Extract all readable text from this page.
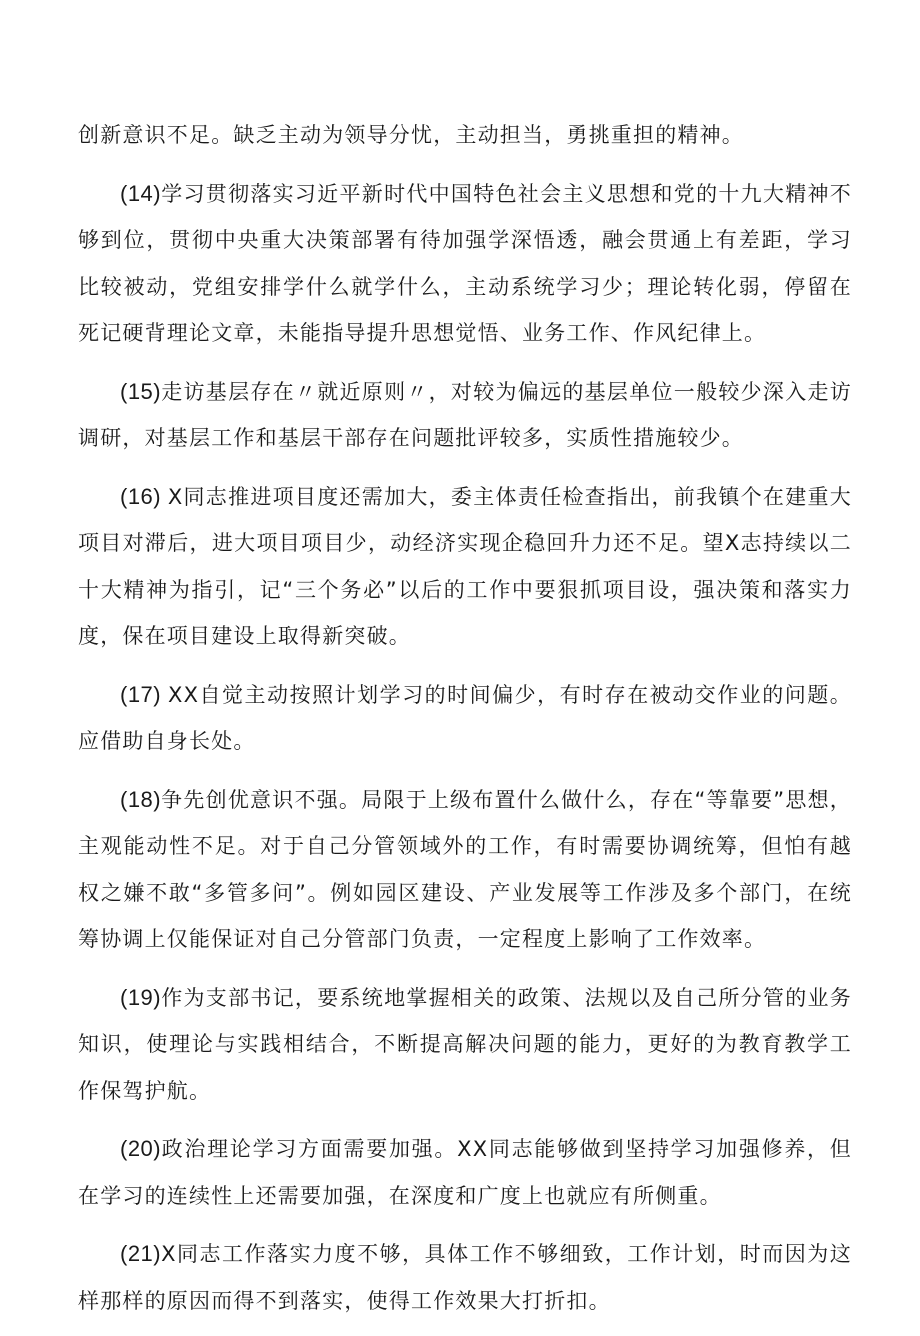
创新意识不足。缺乏主动为领导分忧，主动担当，勇挑重担的精神。

(14)学习贯彻落实习近平新时代中国特色社会主义思想和党的十九大精神不够到位，贯彻中央重大决策部署有待加强学深悟透，融会贯通上有差距，学习比较被动，党组安排学什么就学什么，主动系统学习少；理论转化弱，停留在死记硬背理论文章，未能指导提升思想觉悟、业务工作、作风纪律上。

(15)走访基层存在〃就近原则〃，对较为偏远的基层单位一般较少深入走访调研，对基层工作和基层干部存在问题批评较多，实质性措施较少。

(16) X同志推进项目度还需加大，委主体责任检查指出，前我镇个在建重大项目对滞后，进大项目项目少，动经济实现企稳回升力还不足。望X志持续以二十大精神为指引，记“三个务必”以后的工作中要狠抓项目设，强决策和落实力度，保在项目建设上取得新突破。

(17) XX自觉主动按照计划学习的时间偏少，有时存在被动交作业的问题。应借助自身长处。

(18)争先创优意识不强。局限于上级布置什么做什么，存在“等靠要”思想，主观能动性不足。对于自己分管领域外的工作，有时需要协调统筹，但怕有越权之嫌不敢“多管多问”。例如园区建设、产业发展等工作涉及多个部门，在统筹协调上仅能保证对自己分管部门负责，一定程度上影响了工作效率。

(19)作为支部书记，要系统地掌握相关的政策、法规以及自己所分管的业务知识，使理论与实践相结合，不断提高解决问题的能力，更好的为教育教学工作保驾护航。

(20)政治理论学习方面需要加强。XX同志能够做到坚持学习加强修养，但在学习的连续性上还需要加强，在深度和广度上也就应有所侧重。

(21)X同志工作落实力度不够，具体工作不够细致，工作计划，时而因为这样那样的原因而得不到落实，使得工作效果大打折扣。
